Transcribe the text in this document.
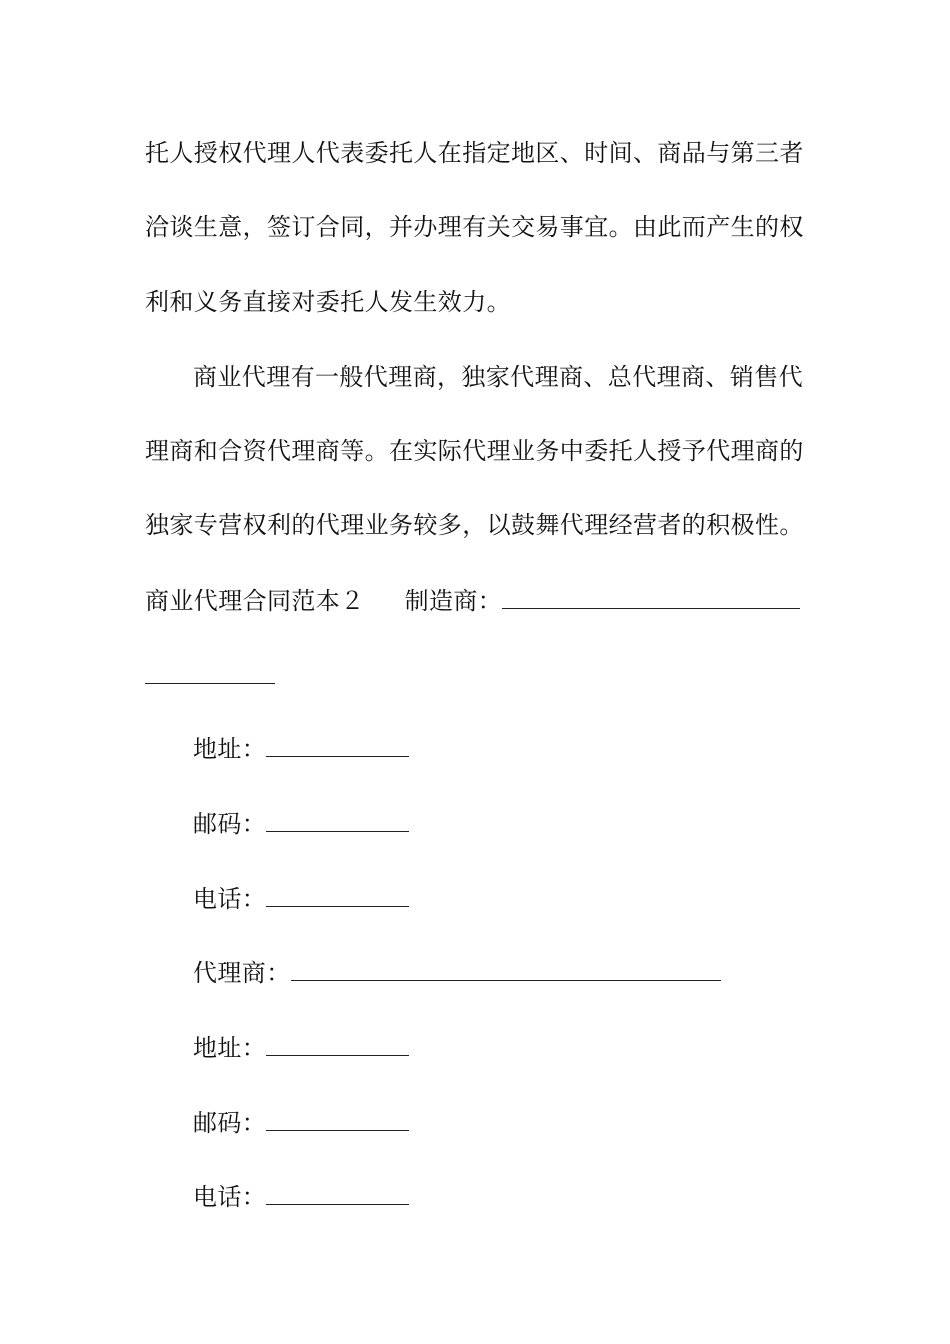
托人授权代理人代表委托人在指定地区、时间、商品与第三者
洽谈生意，签订合同，并办理有关交易事宜。由此而产生的权
利和义务直接对委托人发生效力。
商业代理有一般代理商，独家代理商、总代理商、销售代
理商和合资代理商等。在实际代理业务中委托人授予代理商的
独家专营权利的代理业务较多，以鼓舞代理经营者的积极性。
商业代理合同范本２ 制造商：
地址：
邮码：
电话：
代理商：
地址：
邮码：
电话：
